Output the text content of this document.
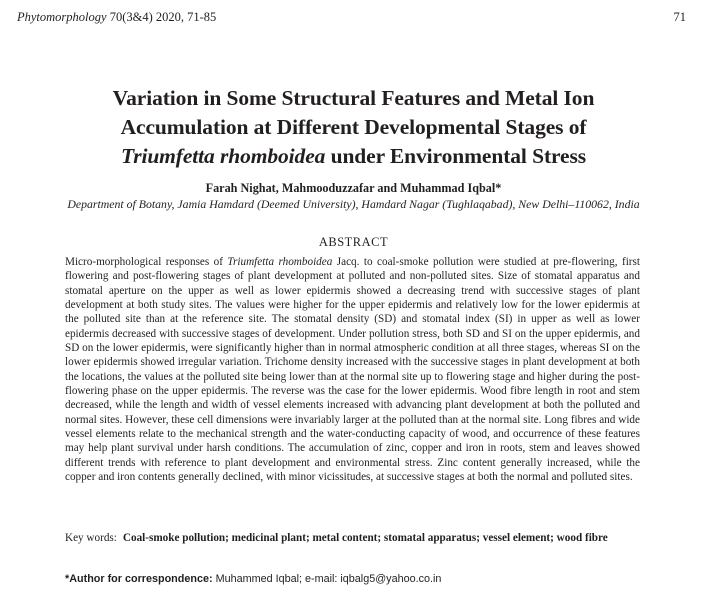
Phytomorphology 70(3&4) 2020, 71-85	71
Variation in Some Structural Features and Metal Ion
Accumulation at Different Developmental Stages of
Triumfetta rhomboidea under Environmental Stress
Farah Nighat, Mahmooduzzafar and Muhammad Iqbal*
Department of Botany, Jamia Hamdard (Deemed University), Hamdard Nagar (Tughlaqabad), New Delhi–110062, India
ABSTRACT
Micro-morphological responses of Triumfetta rhomboidea Jacq. to coal-smoke pollution were studied at pre-flowering, first flowering and post-flowering stages of plant development at polluted and non-polluted sites. Size of stomatal apparatus and stomatal aperture on the upper as well as lower epidermis showed a decreasing trend with successive stages of plant development at both study sites. The values were higher for the upper epidermis and relatively low for the lower epidermis at the polluted site than at the reference site. The stomatal density (SD) and stomatal index (SI) in upper as well as lower epidermis decreased with successive stages of development. Under pollution stress, both SD and SI on the upper epidermis, and SD on the lower epidermis, were significantly higher than in normal atmospheric condition at all three stages, whereas SI on the lower epidermis showed irregular variation. Trichome density increased with the successive stages in plant development at both the locations, the values at the polluted site being lower than at the normal site up to flowering stage and higher during the post-flowering phase on the upper epidermis. The reverse was the case for the lower epidermis. Wood fibre length in root and stem decreased, while the length and width of vessel elements increased with advancing plant development at both the polluted and normal sites. However, these cell dimensions were invariably larger at the polluted than at the normal site. Long fibres and wide vessel elements relate to the mechanical strength and the water-conducting capacity of wood, and occurrence of these features may help plant survival under harsh conditions. The accumulation of zinc, copper and iron in roots, stem and leaves showed different trends with reference to plant development and environmental stress. Zinc content generally increased, while the copper and iron contents generally declined, with minor vicissitudes, at successive stages at both the normal and polluted sites.
Key words: Coal-smoke pollution; medicinal plant; metal content; stomatal apparatus; vessel element; wood fibre
*Author for correspondence: Muhammed Iqbal; e-mail: iqbalg5@yahoo.co.in
